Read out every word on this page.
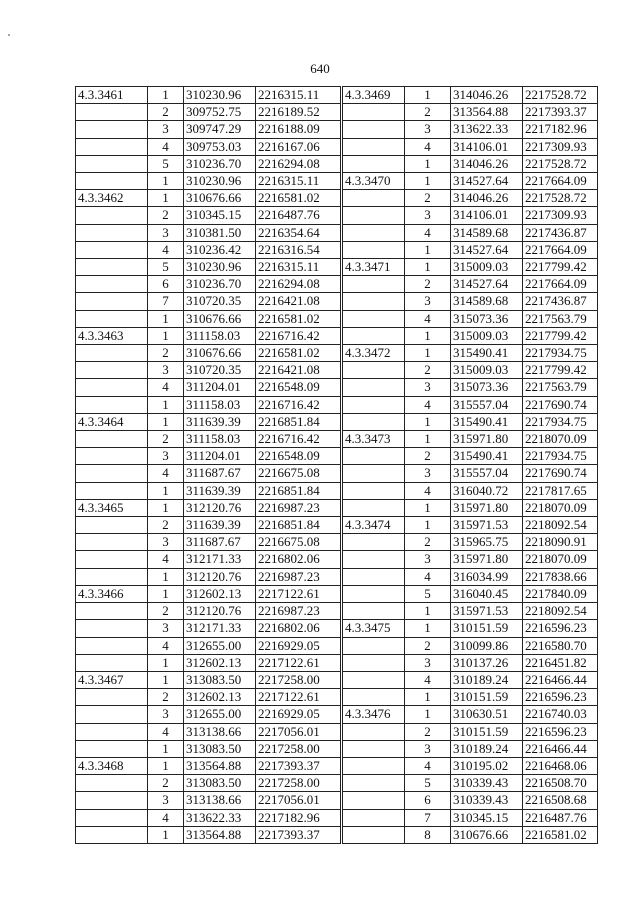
640
4.3.3461	1	310230.96	2216315.11
	2	309752.75	2216189.52
	3	309747.29	2216188.09
	4	309753.03	2216167.06
	5	310236.70	2216294.08
	1	310230.96	2216315.11
4.3.3462	1	310676.66	2216581.02
	2	310345.15	2216487.76
	3	310381.50	2216354.64
	4	310236.42	2216316.54
	5	310230.96	2216315.11
	6	310236.70	2216294.08
	7	310720.35	2216421.08
	1	310676.66	2216581.02
4.3.3463	1	311158.03	2216716.42
	2	310676.66	2216581.02
	3	310720.35	2216421.08
	4	311204.01	2216548.09
	1	311158.03	2216716.42
4.3.3464	1	311639.39	2216851.84
	2	311158.03	2216716.42
	3	311204.01	2216548.09
	4	311687.67	2216675.08
	1	311639.39	2216851.84
4.3.3465	1	312120.76	2216987.23
	2	311639.39	2216851.84
	3	311687.67	2216675.08
	4	312171.33	2216802.06
	1	312120.76	2216987.23
4.3.3466	1	312602.13	2217122.61
	2	312120.76	2216987.23
	3	312171.33	2216802.06
	4	312655.00	2216929.05
	1	312602.13	2217122.61
4.3.3467	1	313083.50	2217258.00
	2	312602.13	2217122.61
	3	312655.00	2216929.05
	4	313138.66	2217056.01
	1	313083.50	2217258.00
4.3.3468	1	313564.88	2217393.37
	2	313083.50	2217258.00
	3	313138.66	2217056.01
	4	313622.33	2217182.96
	1	313564.88	2217393.37
4.3.3469	1	314046.26	2217528.72
	2	313564.88	2217393.37
	3	313622.33	2217182.96
	4	314106.01	2217309.93
	1	314046.26	2217528.72
4.3.3470	1	314527.64	2217664.09
	2	314046.26	2217528.72
	3	314106.01	2217309.93
	4	314589.68	2217436.87
	1	314527.64	2217664.09
4.3.3471	1	315009.03	2217799.42
	2	314527.64	2217664.09
	3	314589.68	2217436.87
	4	315073.36	2217563.79
	1	315009.03	2217799.42
4.3.3472	1	315490.41	2217934.75
	2	315009.03	2217799.42
	3	315073.36	2217563.79
	4	315557.04	2217690.74
	1	315490.41	2217934.75
4.3.3473	1	315971.80	2218070.09
	2	315490.41	2217934.75
	3	315557.04	2217690.74
	4	316040.72	2217817.65
	1	315971.80	2218070.09
4.3.3474	1	315971.53	2218092.54
	2	315965.75	2218090.91
	3	315971.80	2218070.09
	4	316034.99	2217838.66
	5	316040.45	2217840.09
	1	315971.53	2218092.54
4.3.3475	1	310151.59	2216596.23
	2	310099.86	2216580.70
	3	310137.26	2216451.82
	4	310189.24	2216466.44
	1	310151.59	2216596.23
4.3.3476	1	310630.51	2216740.03
	2	310151.59	2216596.23
	3	310189.24	2216466.44
	4	310195.02	2216468.06
	5	310339.43	2216508.70
	6	310339.43	2216508.68
	7	310345.15	2216487.76
	8	310676.66	2216581.02
